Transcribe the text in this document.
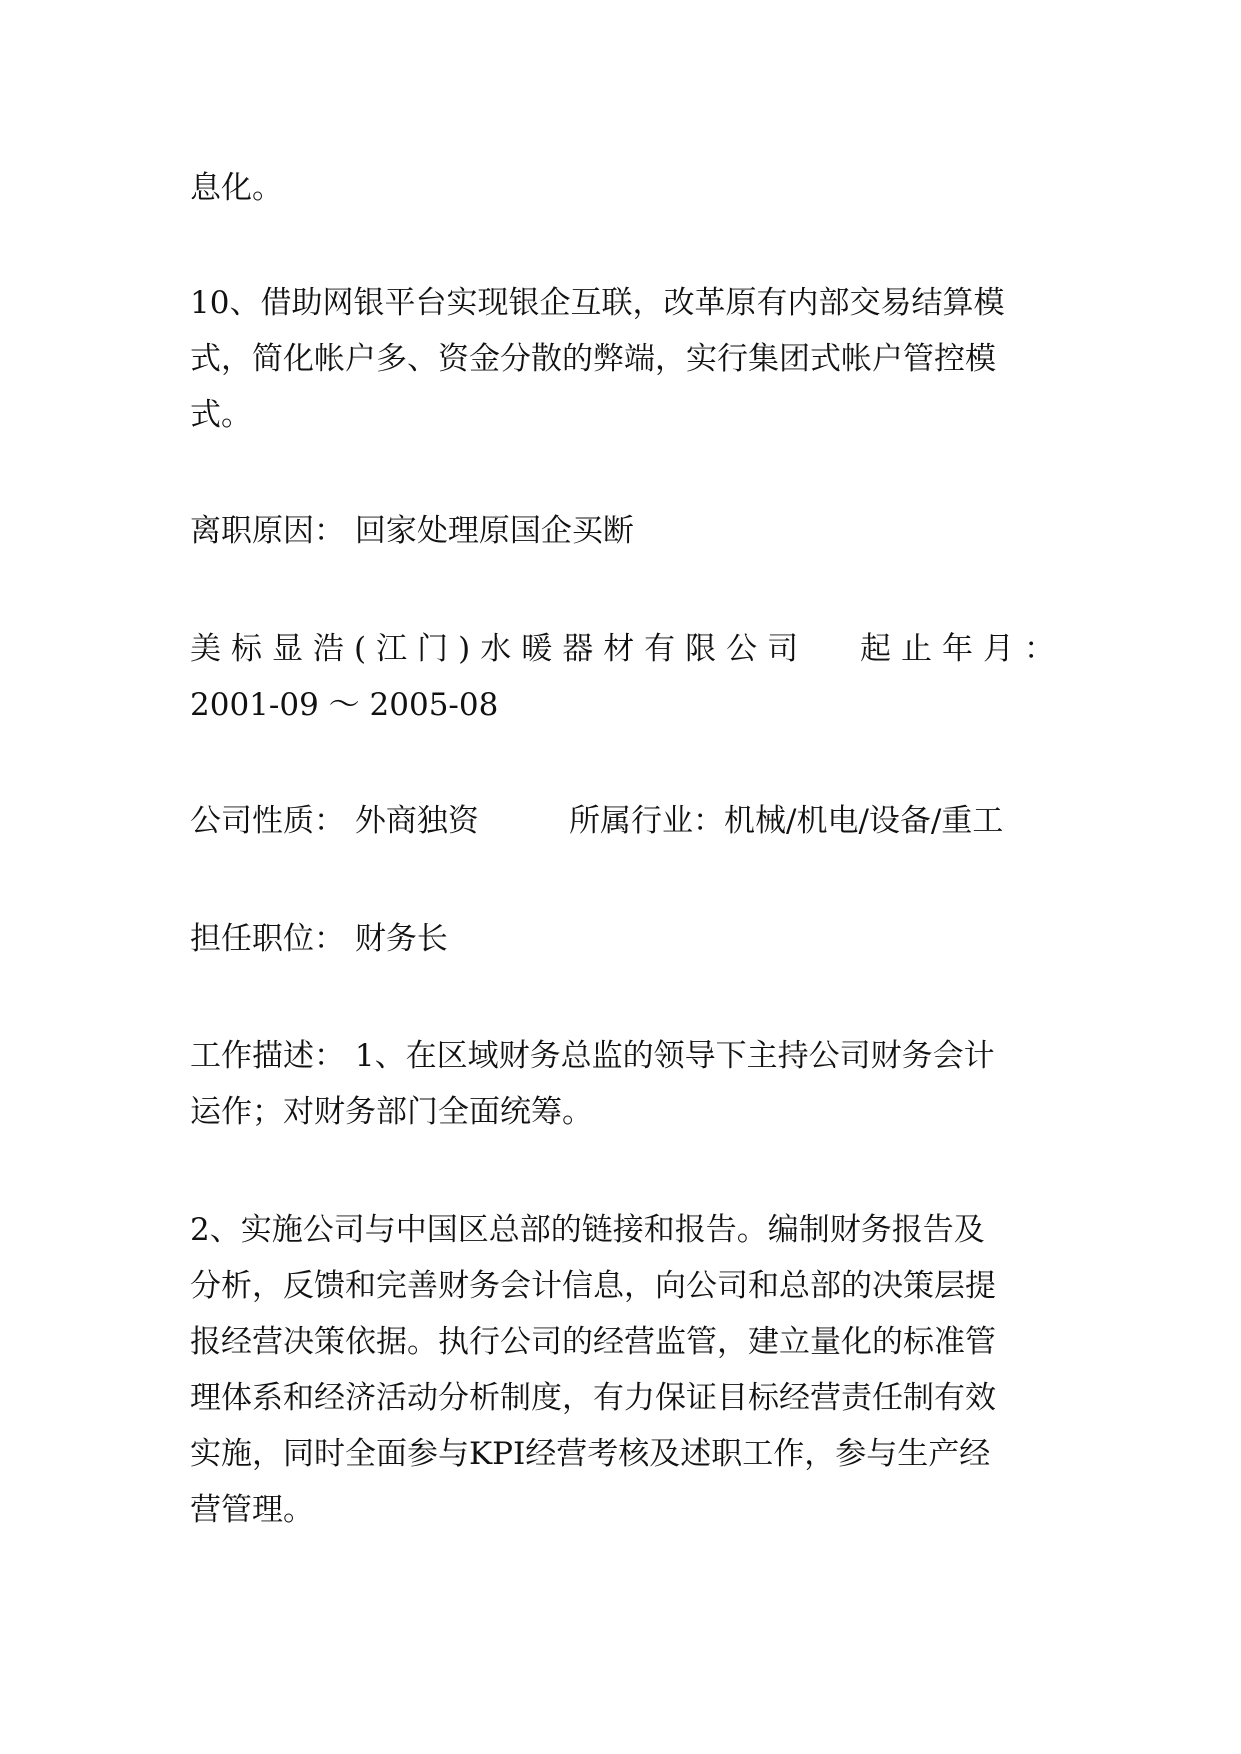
息化。
10、借助网银平台实现银企互联，改革原有内部交易结算模
式，简化帐户多、资金分散的弊端，实行集团式帐户管控模
式。
离职原因： 回家处理原国企买断
美标显浩(江门)水暖器材有限公司	起止年月：
2001-09 ～ 2005-08
公司性质： 外商独资	所属行业：机械/机电/设备/重工
担任职位： 财务长
工作描述： 1、在区域财务总监的领导下主持公司财务会计
运作；对财务部门全面统筹。
2、实施公司与中国区总部的链接和报告。编制财务报告及
分析，反馈和完善财务会计信息，向公司和总部的决策层提
报经营决策依据。执行公司的经营监管，建立量化的标准管
理体系和经济活动分析制度，有力保证目标经营责任制有效
实施，同时全面参与KPI经营考核及述职工作，参与生产经
营管理。
